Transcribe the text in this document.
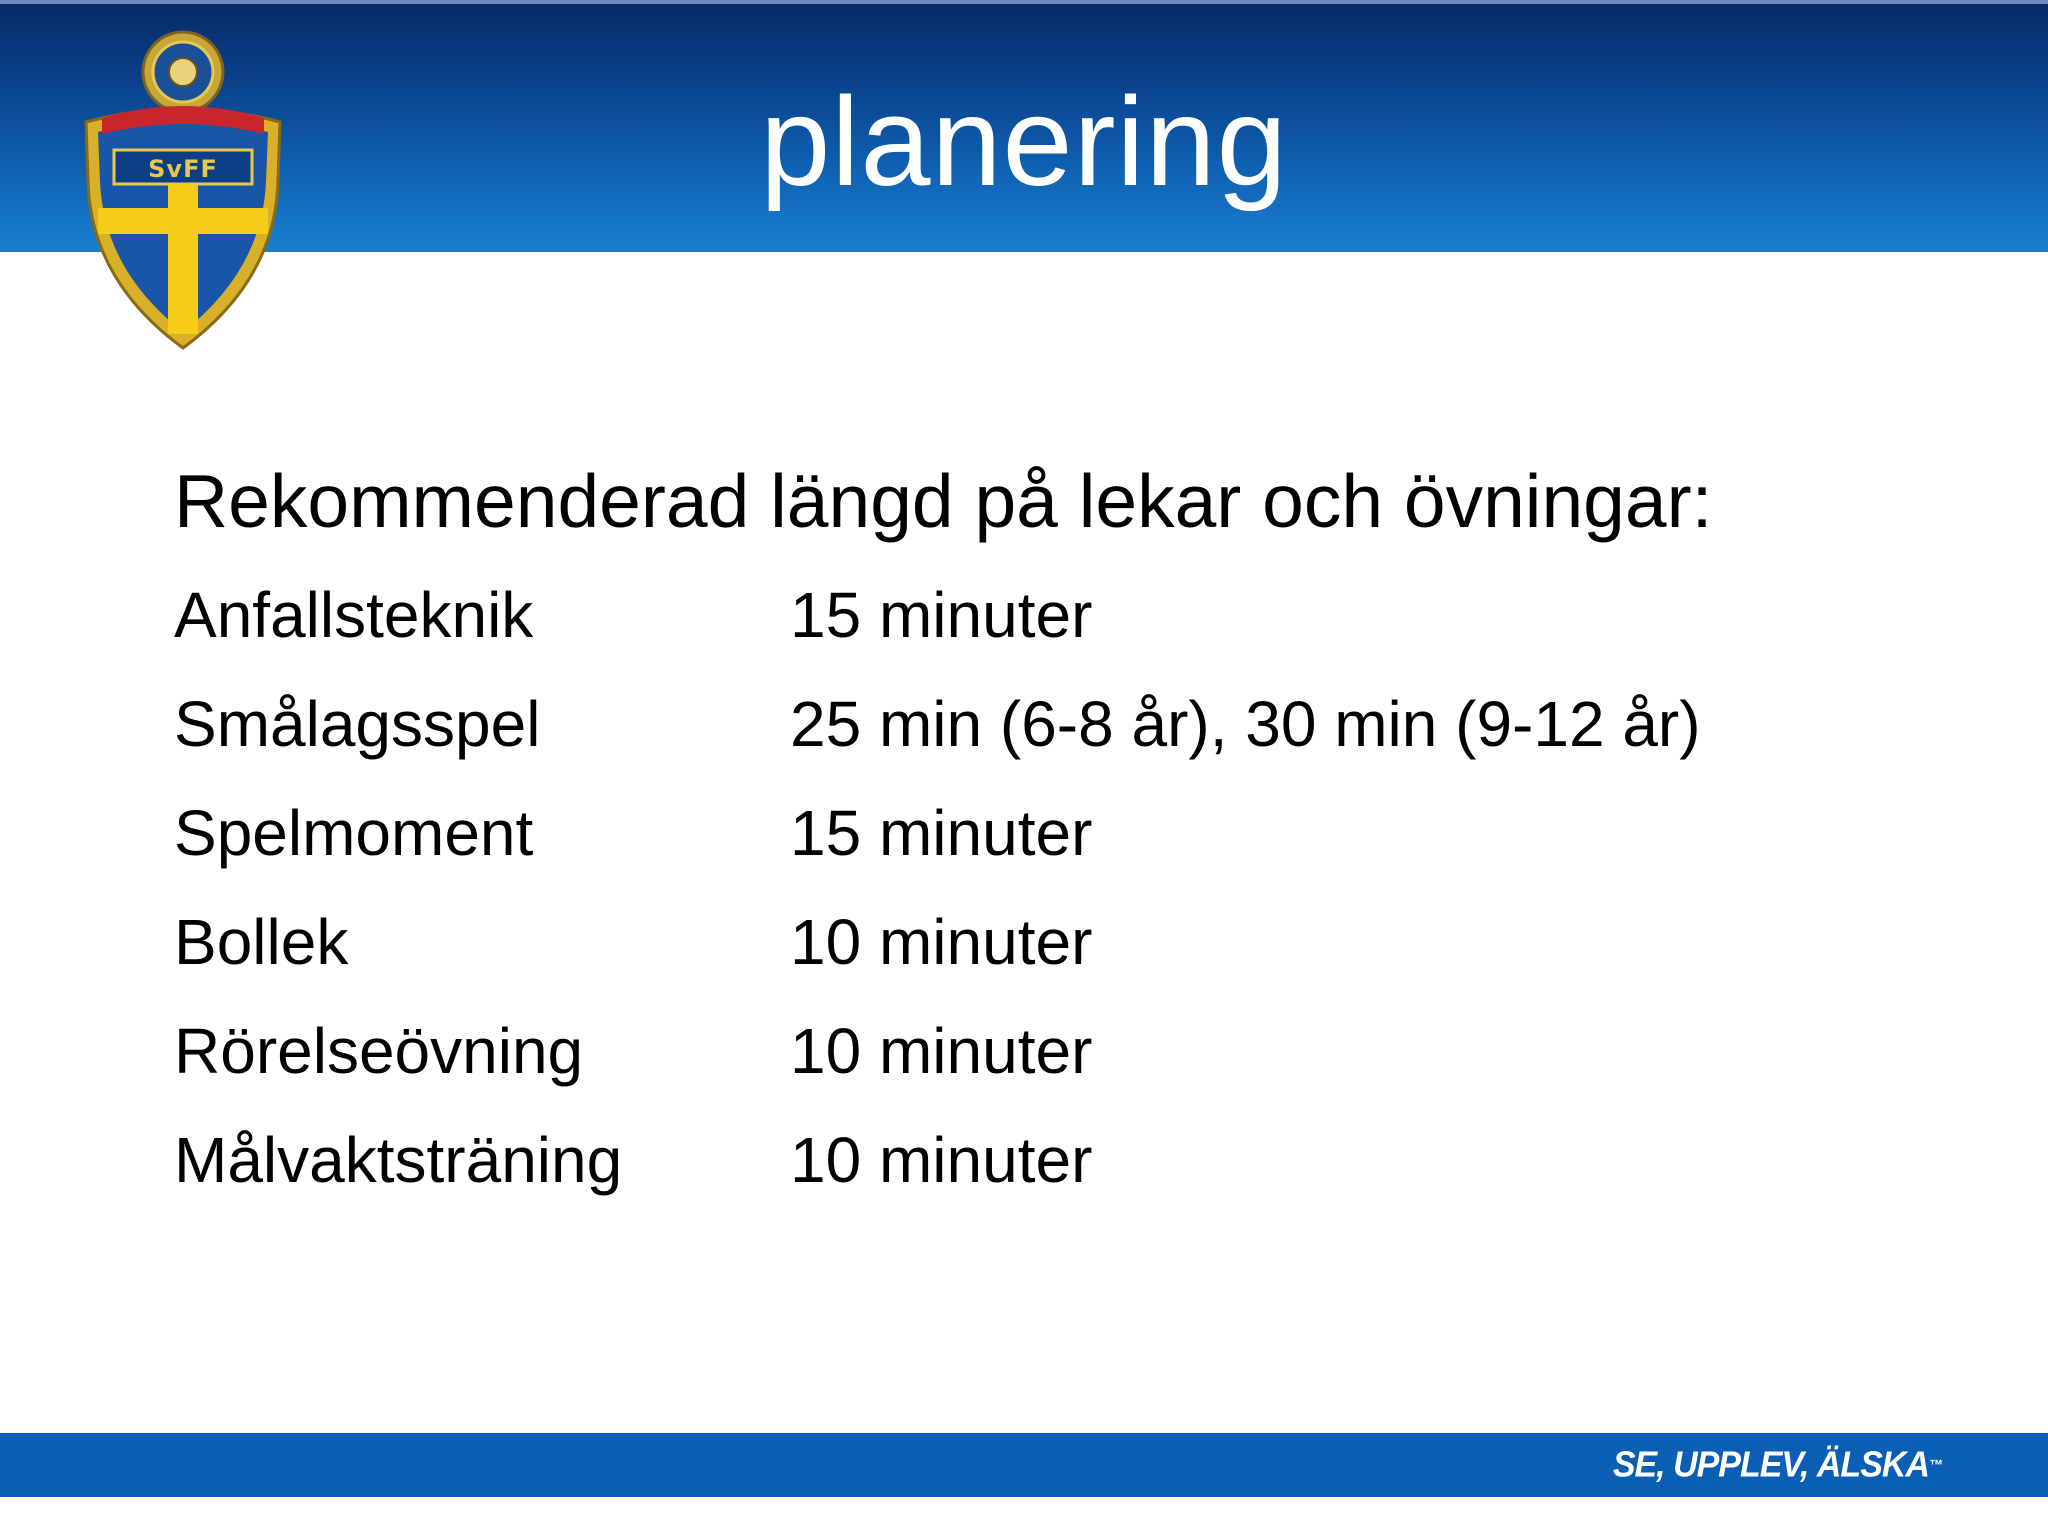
planering
SvFF
Rekommenderad längd på lekar och övningar:
Anfallsteknik	15 minuter
Smålagsspel	25 min (6-8 år), 30 min (9-12 år)
Spelmoment	15 minuter
Bollek	10 minuter
Rörelseövning	10 minuter
Målvaktsträning	10 minuter
SE, UPPLEV, ÄLSKA™
